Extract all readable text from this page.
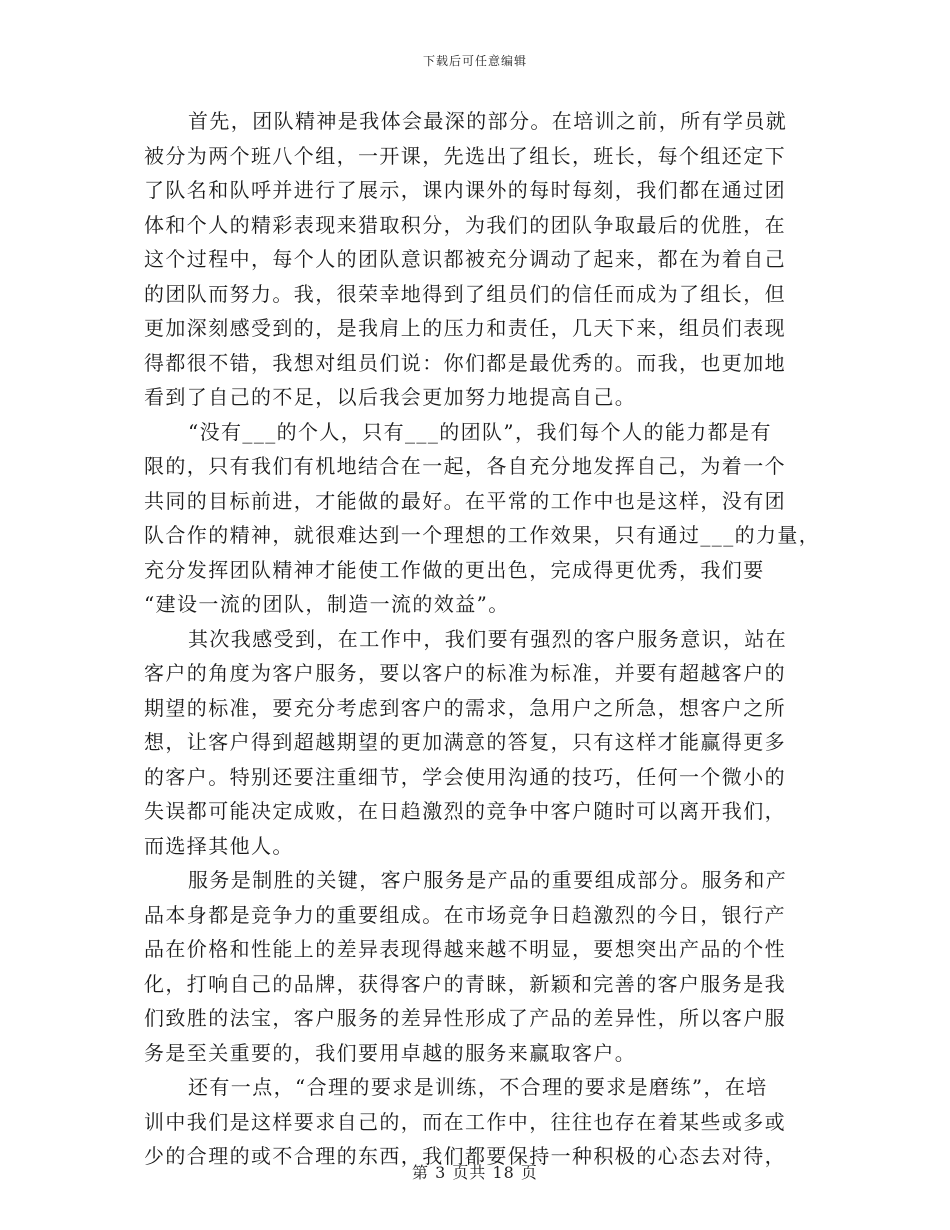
下载后可任意编辑
首先，团队精神是我体会最深的部分。在培训之前，所有学员就
被分为两个班八个组，一开课，先选出了组长，班长，每个组还定下
了队名和队呼并进行了展示，课内课外的每时每刻，我们都在通过团
体和个人的精彩表现来猎取积分，为我们的团队争取最后的优胜，在
这个过程中，每个人的团队意识都被充分调动了起来，都在为着自己
的团队而努力。我，很荣幸地得到了组员们的信任而成为了组长，但
更加深刻感受到的，是我肩上的压力和责任，几天下来，组员们表现
得都很不错，我想对组员们说：你们都是最优秀的。而我，也更加地
看到了自己的不足，以后我会更加努力地提高自己。
“没有___的个人，只有___的团队”，我们每个人的能力都是有
限的，只有我们有机地结合在一起，各自充分地发挥自己，为着一个
共同的目标前进，才能做的最好。在平常的工作中也是这样，没有团
队合作的精神，就很难达到一个理想的工作效果，只有通过___的力量，
充分发挥团队精神才能使工作做的更出色，完成得更优秀，我们要
“建设一流的团队，制造一流的效益”。
其次我感受到，在工作中，我们要有强烈的客户服务意识，站在
客户的角度为客户服务，要以客户的标准为标准，并要有超越客户的
期望的标准，要充分考虑到客户的需求，急用户之所急，想客户之所
想，让客户得到超越期望的更加满意的答复，只有这样才能赢得更多
的客户。特别还要注重细节，学会使用沟通的技巧，任何一个微小的
失误都可能决定成败，在日趋激烈的竞争中客户随时可以离开我们，
而选择其他人。
服务是制胜的关键，客户服务是产品的重要组成部分。服务和产
品本身都是竞争力的重要组成。在市场竞争日趋激烈的今日，银行产
品在价格和性能上的差异表现得越来越不明显，要想突出产品的个性
化，打响自己的品牌，获得客户的青睐，新颖和完善的客户服务是我
们致胜的法宝，客户服务的差异性形成了产品的差异性，所以客户服
务是至关重要的，我们要用卓越的服务来赢取客户。
还有一点，“合理的要求是训练，不合理的要求是磨练”，在培
训中我们是这样要求自己的，而在工作中，往往也存在着某些或多或
少的合理的或不合理的东西，我们都要保持一种积极的心态去对待，
第 3 页共 18 页
